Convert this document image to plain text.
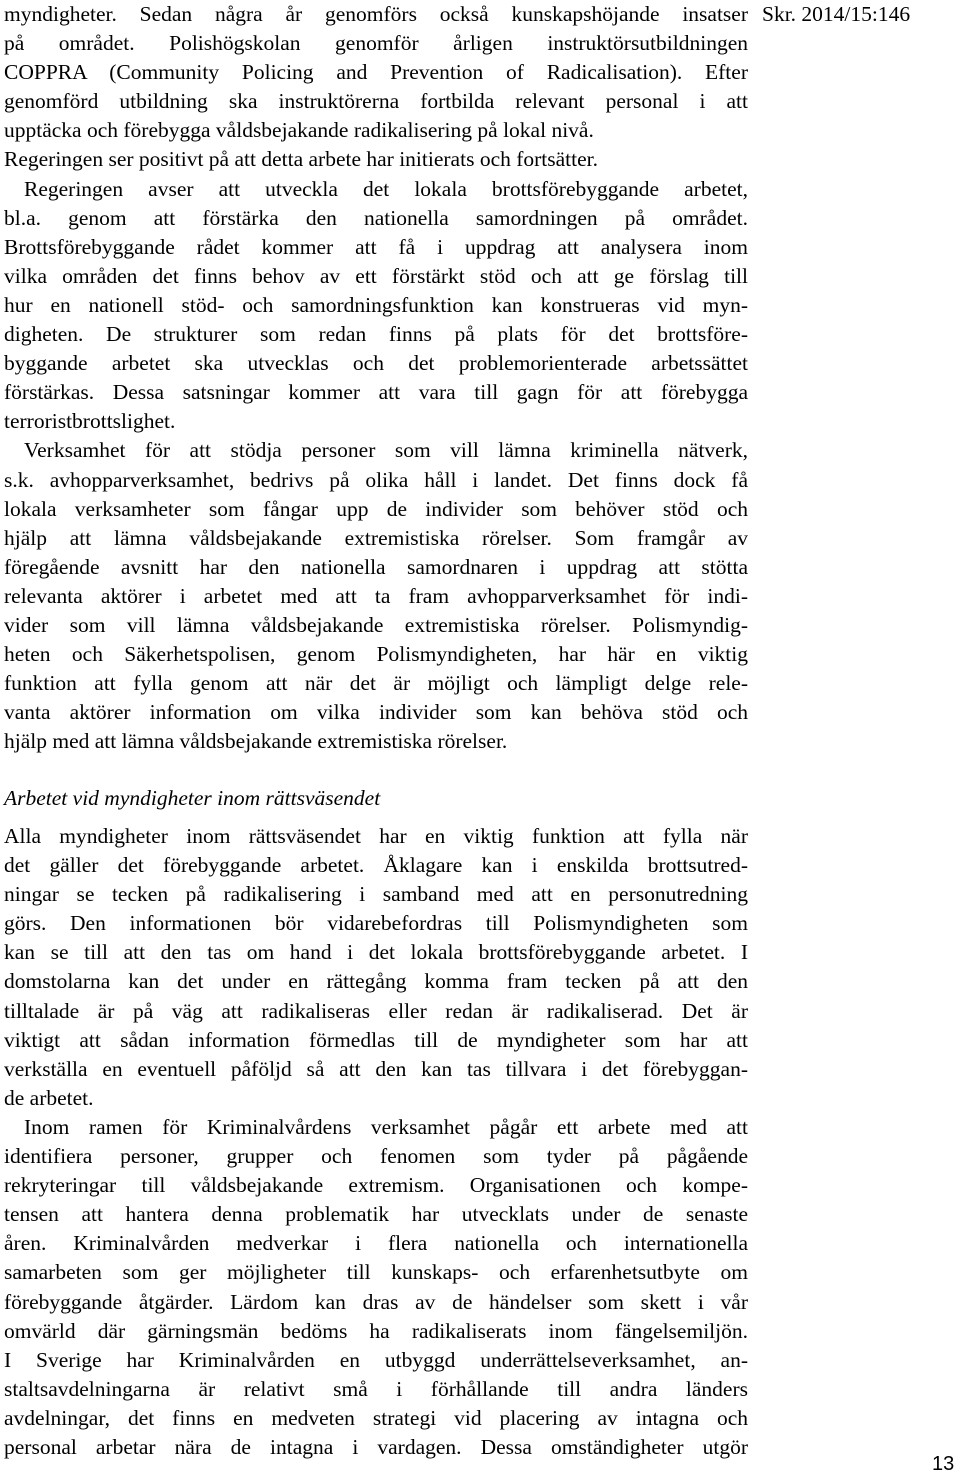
myndigheter. Sedan några år genomförs också kunskapshöjande insatser

på området. Polishögskolan genomför årligen instruktörsutbildningen

COPPRA (Community Policing and Prevention of Radicalisation). Efter

genomförd utbildning ska instruktörerna fortbilda relevant personal i att

upptäcka och förebygga våldsbejakande radikalisering på lokal nivå.

Regeringen ser positivt på att detta arbete har initierats och fortsätter.

Regeringen avser att utveckla det lokala brottsförebyggande arbetet,

bl.a. genom att förstärka den nationella samordningen på området.

Brottsförebyggande rådet kommer att få i uppdrag att analysera inom

vilka områden det finns behov av ett förstärkt stöd och att ge förslag till

hur en nationell stöd- och samordningsfunktion kan konstrueras vid myn-

digheten. De strukturer som redan finns på plats för det brottsföre-

byggande arbetet ska utvecklas och det problemorienterade arbetssättet

förstärkas. Dessa satsningar kommer att vara till gagn för att förebygga

terroristbrottslighet.

Verksamhet för att stödja personer som vill lämna kriminella nätverk,

s.k. avhopparverksamhet, bedrivs på olika håll i landet. Det finns dock få

lokala verksamheter som fångar upp de individer som behöver stöd och

hjälp att lämna våldsbejakande extremistiska rörelser. Som framgår av

föregående avsnitt har den nationella samordnaren i uppdrag att stötta

relevanta aktörer i arbetet med att ta fram avhopparverksamhet för indi-

vider som vill lämna våldsbejakande extremistiska rörelser. Polismyndig-

heten och Säkerhetspolisen, genom Polismyndigheten, har här en viktig

funktion att fylla genom att när det är möjligt och lämpligt delge rele-

vanta aktörer information om vilka individer som kan behöva stöd och

hjälp med att lämna våldsbejakande extremistiska rörelser.

Arbetet vid myndigheter inom rättsväsendet

Alla myndigheter inom rättsväsendet har en viktig funktion att fylla när

det gäller det förebyggande arbetet. Åklagare kan i enskilda brottsutred-

ningar se tecken på radikalisering i samband med att en personutredning

görs. Den informationen bör vidarebefordras till Polismyndigheten som

kan se till att den tas om hand i det lokala brottsförebyggande arbetet. I

domstolarna kan det under en rättegång komma fram tecken på att den

tilltalade är på väg att radikaliseras eller redan är radikaliserad. Det är

viktigt att sådan information förmedlas till de myndigheter som har att

verkställa en eventuell påföljd så att den kan tas tillvara i det förebyggan-

de arbetet.

Inom ramen för Kriminalvårdens verksamhet pågår ett arbete med att

identifiera personer, grupper och fenomen som tyder på pågående

rekryteringar till våldsbejakande extremism. Organisationen och kompe-

tensen att hantera denna problematik har utvecklats under de senaste

åren. Kriminalvården medverkar i flera nationella och internationella

samarbeten som ger möjligheter till kunskaps- och erfarenhetsutbyte om

förebyggande åtgärder. Lärdom kan dras av de händelser som skett i vår

omvärld där gärningsmän bedöms ha radikaliserats inom fängelsemiljön.

I Sverige har Kriminalvården en utbyggd underrättelseverksamhet, an-

staltsavdelningarna är relativt små i förhållande till andra länders

avdelningar, det finns en medveten strategi vid placering av intagna och

personal arbetar nära de intagna i vardagen. Dessa omständigheter utgör

Skr. 2014/15:146
13
